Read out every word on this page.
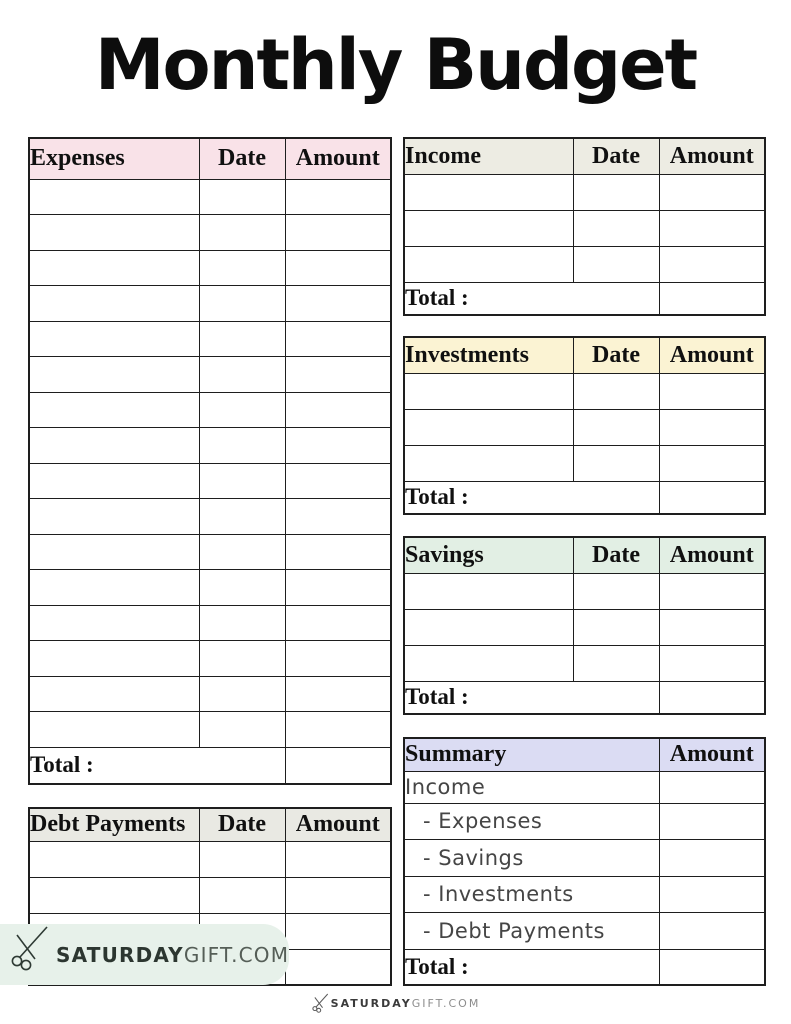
Monthly Budget
Expenses	Date	Amount

Total :		
Debt Payments	Date	Amount

Income	Date	Amount

Total :		
Investments	Date	Amount

Total :		
Savings	Date	Amount

Total :		
Summary	Amount
Income	
- Expenses	
- Savings	
- Investments	
- Debt Payments	
Total :	
SATURDAYGIFT.COM
SATURDAYGIFT.COM
